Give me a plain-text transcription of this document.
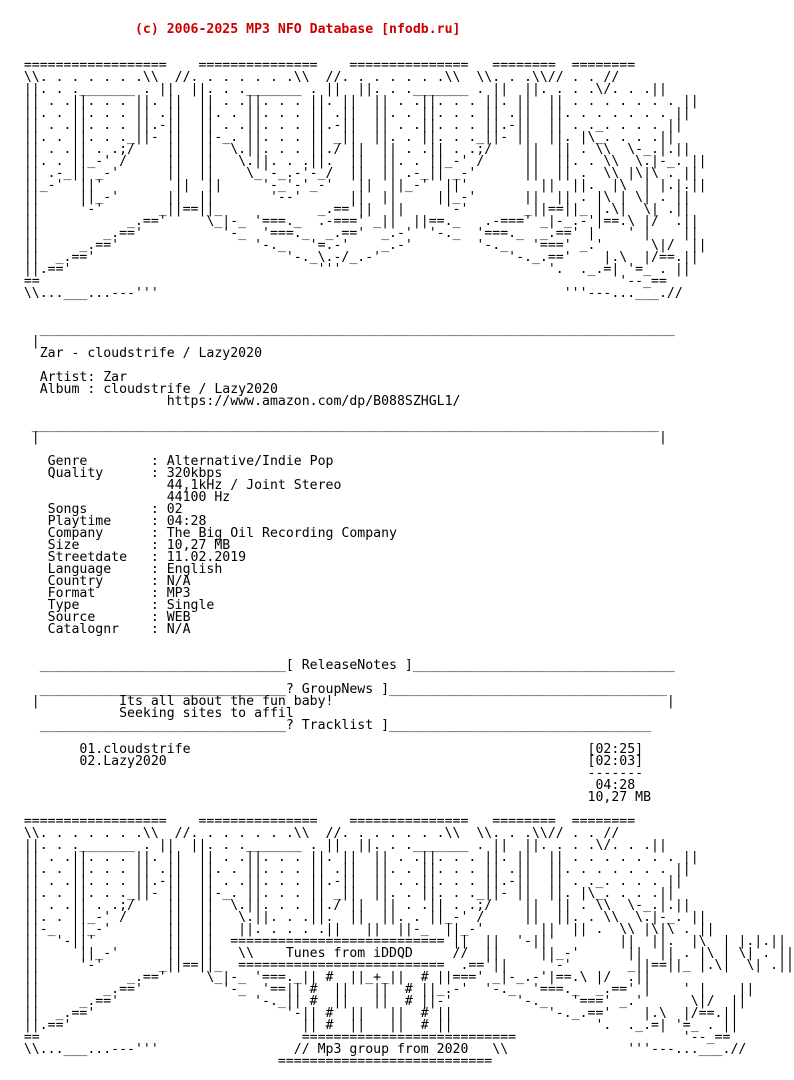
(c) 2006-2025 MP3 NFO Database [nfodb.ru]

==================    ===============    ===============   ========  ========
\\. . . . . . .\\  //. . . . . . .\\  //. . . . . . .\\  \\. . .\\// . . //
||. . ._______ . ||  ||. . ._______ . ||  ||. . ._______ . ||  ||. . . .\/. . .||
|| . .||. . . ||. ||  || . .||. . . ||. ||  || . .||. . . ||. ||  || . . . . . . . ||
||. . ||. . . || .||  ||. . ||. . . || .||  ||. . ||. . . || .||  ||. . . . . . . ||
|| . .||. . . ||.-||  || . .||. . . ||.-||  || . .||. . . ||.-||  || . ._. . . . ||
||. . ||. . ._||- ||  ||-_. ||. . . || _||  ||. . ||. . ._||- ||  ||. |\_. . . .||
|| . .|| . .;/    ||  ||  \.||. . . ||./ ||  || . .|| . .;/    ||  || . \\  \-_.|.||
||. . ||_-' /     ||  ||   \.||. . .||.  ||  ||. . ||_-' /     ||  ||. . \\  \.|-_. ||
|| .-_|| _-'      ||  ||    \_'-_.-'-_/  ||  || .-_|| _-'      ||  || .  \\ |\|\ . ||
||_-'  ||'         ||  ||     '-_'-'_-'   ||  ||_-'  ||'         ||  ||.  |\  | |.|.||
||     ||_-'      ||  ||       '--'      ||  ||     ||_-'      ||  || . |\ | \| . ||
||     '-'       _||==||_            _.=='||  ||     '-'       _||==||_ |.\|  \| .||
||           _.=='     \_|-_ '===._  .-===' _||  ||==._   .-===' _|-_.-'|==.\ |/  .||
||        _.=='          '-_  '===._  _.=='  _.-'  '-._  '===._  _.==' |    ' |    ||
||     _.=='                 '-._   '=.-'    _.-'        '-._   '===' _.'      \|/  ||
||  _.=='                        '-._\.-/_.-'                '-._.=='    |.\  |/==.||
||.=='                               '''                          '.  ._.=| '=_ . ||
==                                                                         '--_==
\\...___...---'''                                                   '''---...___.//
________________________________________________________________________________
|
Zar - cloudstrife / Lazy2020
Artist: Zar
Album : cloudstrife / Lazy2020
https://www.amazon.com/dp/B088SZHGL1/
_______________________________________________________________________________
|                                                                              |
Genre        : Alternative/Indie Pop
Quality      : 320kbps
44,1kHz / Joint Stereo
44100 Hz
Songs        : 02
Playtime     : 04:28
Company      : The Big Oil Recording Company
Size         : 10,27 MB
Streetdate   : 11.02.2019
Language     : English
Country      : N/A
Format       : MP3
Type         : Single
Source       : WEB
Catalognr    : N/A
_______________________________[ ReleaseNotes ]_________________________________
_______________________________? GroupNews ]___________________________________
|          Its all about the fun baby!                                          |
Seeking sites to affil
_______________________________? Tracklist ]_________________________________
01.cloudstrife                                                  [02:25]
02.Lazy2020                                                     [02:03]
-------
04:28
10,27 MB
==================    ===============    ===============   ========  ========
\\. . . . . . .\\  //. . . . . . .\\  //. . . . . . .\\  \\. . .\\// . . //
||. . ._______ . ||  ||. . ._______ . ||  ||. . ._______ . ||  ||. . . .\/. . .||
|| . .||. . . ||. ||  || . .||. . . ||. ||  || . .||. . . ||. ||  || . . . . . . . ||
||. . ||. . . || .||  ||. . ||. . . || .||  ||. . ||. . . || .||  ||. . . . . . . ||
|| . .||. . . ||.-||  || . .||. . . ||.-||  || . .||. . . ||.-||  || . ._. . . . ||
||. . ||. . ._||- ||  ||-_. ||. . . || _||  ||. . ||. . ._||- ||  ||. |\_. . . .||
|| . .|| . .;/    ||  ||  \.||. . . ||./ ||  || . .|| . .;/    ||  || . \\  \-_.|.||
||. . ||_-' /     ||  ||   \.||. . .||.  ||  ||. . ||_-' /     ||  ||. . \\  \.|-_. ||
||-_  ||_-'       ||  ||   ||. . . . .||   ||  ||-_  ||_-'       ||  || .  \\ |\|\ . ||
||  '-||'         ||  ||  =========================== ||  ||  '-||'        ||  ||.  |\  | |.|.||
||     ||_-'      ||  ||   \\    Tunes from iDDQD     //  ||     ||_-'      ||  || . |\ | \| . ||
||     '-'       _||==||_  ==========================  .=='||     '-'       _||==||_ |.\|  \| .||
||           _.=='     \_|-_ '===._|| #  ||_+_||  # ||===' _|-_.-'|==.\ |/  .||
||        _.=='          '-_  '==|| #  ||   ||  # ||_.-'  '-._  '===._  _.==' |    ' |    ||
||     _.=='                 '-._|| #  ||   ||  # ||-'        '-._   '===' _.'      \|/  ||
||  _.=='                        '-|| #  ||   ||  # ||            '-._.=='    |.\  |/==.||
||.=='                             || #  ||   ||  # ||                  '.  ._.=| '=_ . ||
==                                 ===========================                     '--_==
\\...___...---'''                 // Mp3 group from 2020   \\               '''---...___.//
===========================
